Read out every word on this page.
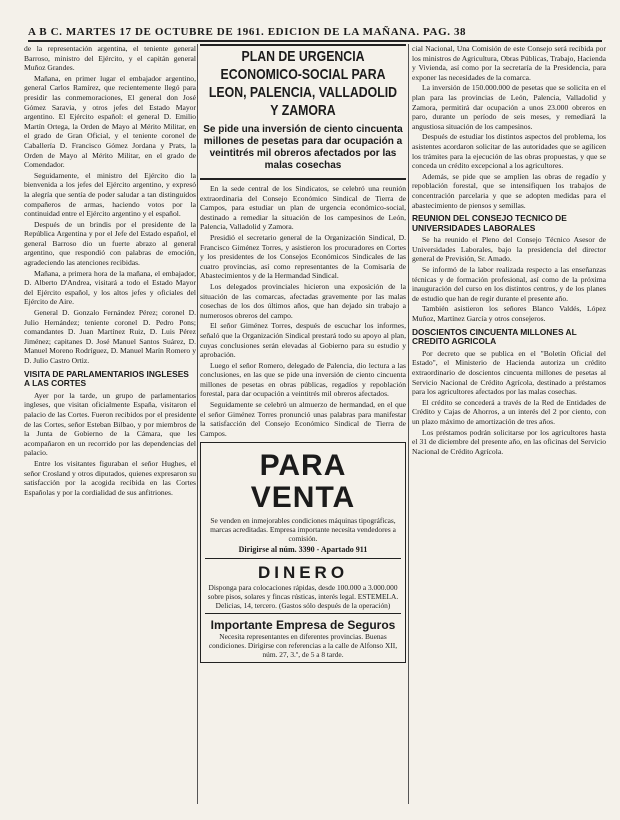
A B C. MARTES 17 DE OCTUBRE DE 1961. EDICION DE LA MAÑANA. PAG. 38

de la representación argentina, el teniente general Barroso, ministro del Ejército, y el capitán general Muñoz Grandes.

Mañana, en primer lugar el embajador argentino, general Carlos Ramírez, que recientemente llegó para presidir las conmemoraciones, El general don José Gómez Saravia, y otros jefes del Estado Mayor argentino. El Ejército español: el general D. Emilio Martín Ortega, la Orden de Mayo al Mérito Militar, en el grado de Gran Oficial, y el teniente coronel de Caballería D. Francisco Gómez Jordana y Prats, la Orden de Mayo al Mérito Militar, en el grado de Comendador.

Seguidamente, el ministro del Ejército dio la bienvenida a los jefes del Ejército argentino, y expresó la alegría que sentía de poder saludar a tan distinguidos compañeros de armas, haciendo votos por la continuidad entre el Ejército argentino y el español.

Después de un brindis por el presidente de la República Argentina y por el Jefe del Estado español, el general Barroso dio un fuerte abrazo al general argentino, que respondió con palabras de emoción, agradeciendo las atenciones recibidas.

Mañana, a primera hora de la mañana, el embajador, D. Alberto D'Andrea, visitará a todo el Estado Mayor del Ejército español, y los altos jefes y oficiales del Ejército de Aire.

General D. Gonzalo Fernández Pérez; coronel D. Julio Hernández; teniente coronel D. Pedro Pons; comandantes D. Juan Martínez Ruiz, D. Luis Pérez Jiménez; capitanes D. José Manuel Santos Suárez, D. Manuel Moreno Rodríguez, D. Manuel Marín Romero y D. Julio Castro Ortiz.

VISITA DE PARLAMENTARIOS INGLESES A LAS CORTES

Ayer por la tarde, un grupo de parlamentarios ingleses, que visitan oficialmente España, visitaron el palacio de las Cortes. Fueron recibidos por el presidente de las Cortes, señor Esteban Bilbao, y por miembros de la Junta de Gobierno de la Cámara, que les acompañaron en un recorrido por las dependencias del palacio.

Entre los visitantes figuraban el señor Hughes, el señor Crosland y otros diputados, quienes expresaron su satisfacción por la acogida recibida en las Cortes Españolas y por la cordialidad de sus anfitriones.

PLAN DE URGENCIA ECONOMICO-SOCIAL PARA LEON, PALENCIA, VALLADOLID Y ZAMORA
Se pide una inversión de ciento cincuenta millones de pesetas para dar ocupación a veintitrés mil obreros afectados por las malas cosechas

En la sede central de los Sindicatos, se celebró una reunión extraordinaria del Consejo Económico Sindical de Tierra de Campos, para estudiar un plan de urgencia económico-social, destinado a remediar la situación de los campesinos de León, Palencia, Valladolid y Zamora.

Presidió el secretario general de la Organización Sindical, D. Francisco Giménez Torres, y asistieron los procuradores en Cortes y los presidentes de los Consejos Económicos Sindicales de las cuatro provincias, así como representantes de la Comisaría de Abastecimientos y de la Hermandad Sindical.

Los delegados provinciales hicieron una exposición de la situación de las comarcas, afectadas gravemente por las malas cosechas de los dos últimos años, que han dejado sin trabajo a numerosos obreros del campo.

El señor Giménez Torres, después de escuchar los informes, señaló que la Organización Sindical prestará todo su apoyo al plan, cuyas conclusiones serán elevadas al Gobierno para su estudio y aprobación.

Luego el señor Romero, delegado de Palencia, dio lectura a las conclusiones, en las que se pide una inversión de ciento cincuenta millones de pesetas en obras públicas, regadíos y repoblación forestal, para dar ocupación a veintitrés mil obreros afectados.

Seguidamente se celebró un almuerzo de hermandad, en el que el señor Giménez Torres pronunció unas palabras para manifestar la satisfacción del Consejo Económico Sindical de Tierra de Campos.

PARA VENTA
Se venden en inmejorables condiciones máquinas tipográficas, marcas acreditadas. Empresa importante necesita vendedores a comisión.
Dirigirse al núm. 3390 - Apartado 911
DINERO
Disponga para colocaciones rápidas, desde 100.000 a 3.000.000 sobre pisos, solares y fincas rústicas, interés legal. ESTEMELA. Delicias, 14, tercero. (Gastos sólo después de la operación)
Importante Empresa de Seguros
Necesita representantes en diferentes provincias. Buenas condiciones. Dirigirse con referencias a la calle de Alfonso XII, núm. 27, 3.º, de 5 a 8 tarde.

cial Nacional, Una Comisión de este Consejo será recibida por los ministros de Agricultura, Obras Públicas, Trabajo, Hacienda y Vivienda, así como por la secretaría de la Presidencia, para exponer las necesidades de la comarca.

La inversión de 150.000.000 de pesetas que se solicita en el plan para las provincias de León, Palencia, Valladolid y Zamora, permitirá dar ocupación a unos 23.000 obreros en paro, durante un período de seis meses, y remediará la angustiosa situación de los campesinos.

Después de estudiar los distintos aspectos del problema, los asistentes acordaron solicitar de las autoridades que se agilicen los trámites para la ejecución de las obras propuestas, y que se conceda un crédito excepcional a los agricultores.

Además, se pide que se amplíen las obras de regadío y repoblación forestal, que se intensifiquen los trabajos de concentración parcelaria y que se adopten medidas para el abastecimiento de piensos y semillas.

REUNION DEL CONSEJO TECNICO DE UNIVERSIDADES LABORALES

Se ha reunido el Pleno del Consejo Técnico Asesor de Universidades Laborales, bajo la presidencia del director general de Previsión, Sr. Amado.

Se informó de la labor realizada respecto a las enseñanzas técnicas y de formación profesional, así como de la próxima inauguración del curso en los distintos centros, y de los planes de estudio que han de regir durante el presente año.

También asistieron los señores Blanco Valdés, López Muñoz, Martínez García y otros consejeros.

DOSCIENTOS CINCUENTA MILLONES AL CREDITO AGRICOLA

Por decreto que se publica en el "Boletín Oficial del Estado", el Ministerio de Hacienda autoriza un crédito extraordinario de doscientos cincuenta millones de pesetas al Servicio Nacional de Crédito Agrícola, destinado a préstamos para los agricultores afectados por las malas cosechas.

El crédito se concederá a través de la Red de Entidades de Crédito y Cajas de Ahorros, a un interés del 2 por ciento, con un plazo máximo de amortización de tres años.

Los préstamos podrán solicitarse por los agricultores hasta el 31 de diciembre del presente año, en las oficinas del Servicio Nacional de Crédito Agrícola.
